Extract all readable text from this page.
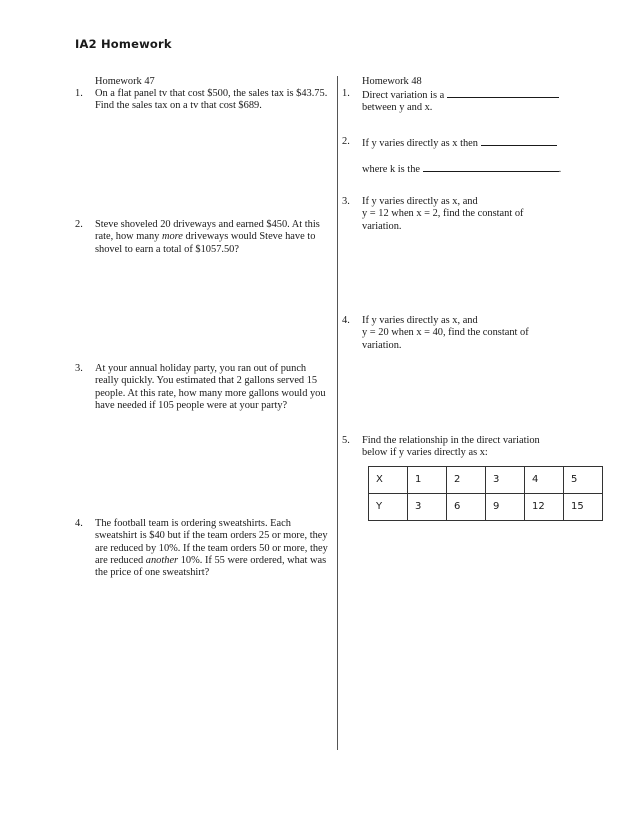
IA2 Homework
Homework 47
1. On a flat panel tv that cost $500, the sales tax is $43.75.
Find the sales tax on a tv that cost $689.
2. Steve shoveled 20 driveways and earned $450. At this
rate, how many more driveways would Steve have to
shovel to earn a total of $1057.50?
3. At your annual holiday party, you ran out of punch
really quickly. You estimated that 2 gallons served 15
people. At this rate, how many more gallons would you
have needed if 105 people were at your party?
4. The football team is ordering sweatshirts. Each
sweatshirt is $40 but if the team orders 25 or more, they
are reduced by 10%. If the team orders 50 or more, they
are reduced another 10%. If 55 were ordered, what was
the price of one sweatshirt?
Homework 48
1. Direct variation is a
between y and x.
2. If y varies directly as x then
where k is the	.
3. If y varies directly as x, and
y = 12 when x = 2, find the constant of
variation.
4. If y varies directly as x, and
y = 20 when x = 40, find the constant of
variation.
5. Find the relationship in the direct variation
below if y varies directly as x:
X	1	2	3	4	5
Y	3	6	9	12	15
